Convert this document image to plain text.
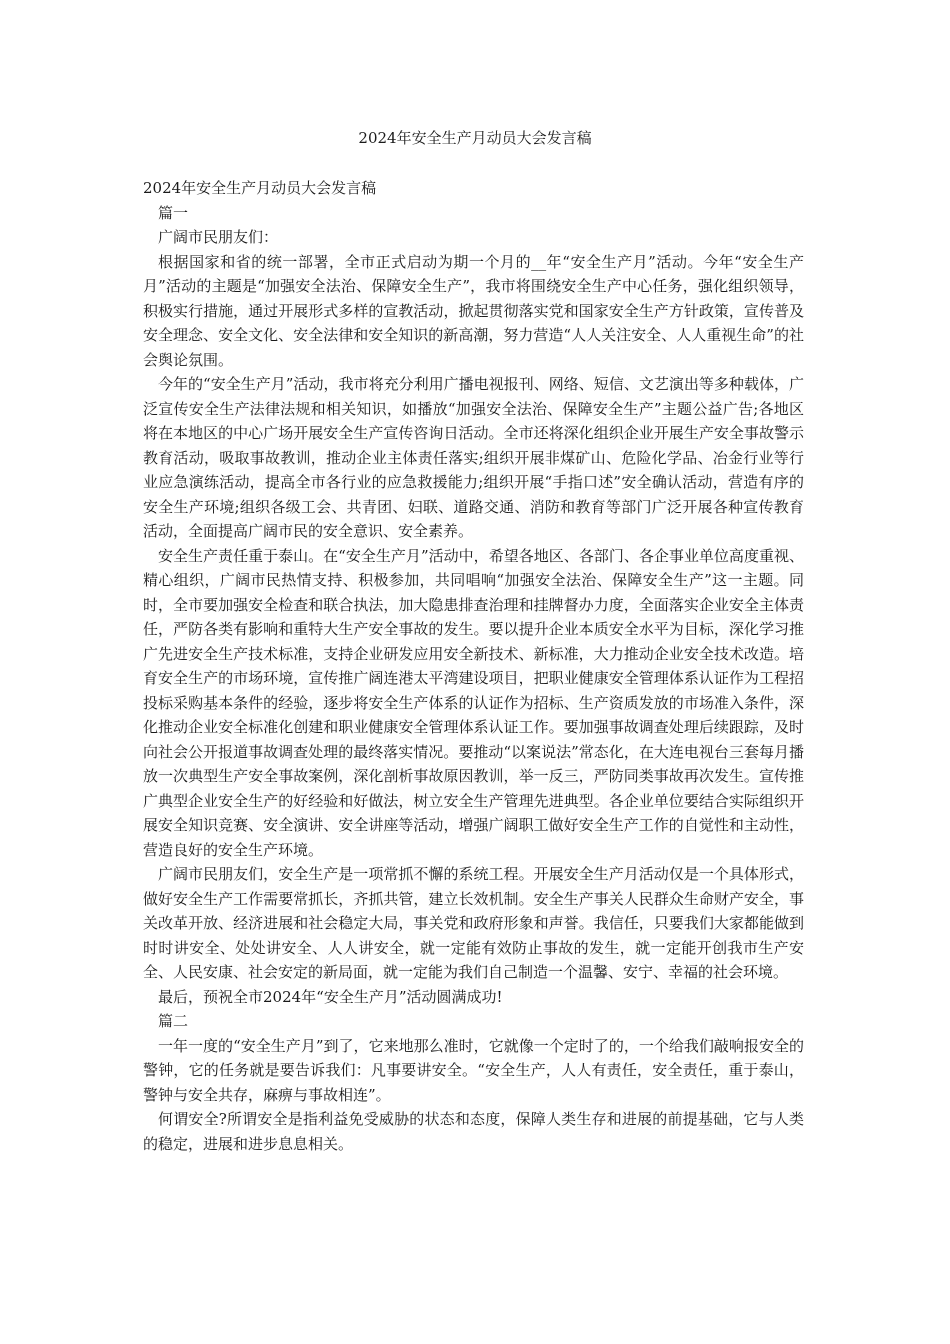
2024年安全生产月动员大会发言稿

2024年安全生产月动员大会发言稿

篇一

广阔市民朋友们：

根据国家和省的统一部署，全市正式启动为期一个月的__年“安全生产月”活动。今年“安全生产月”活动的主题是“加强安全法治、保障安全生产”，我市将围绕安全生产中心任务，强化组织领导，积极实行措施，通过开展形式多样的宣教活动，掀起贯彻落实党和国家安全生产方针政策，宣传普及安全理念、安全文化、安全法律和安全知识的新高潮，努力营造“人人关注安全、人人重视生命”的社会舆论氛围。

今年的“安全生产月”活动，我市将充分利用广播电视报刊、网络、短信、文艺演出等多种载体，广泛宣传安全生产法律法规和相关知识，如播放“加强安全法治、保障安全生产”主题公益广告;各地区将在本地区的中心广场开展安全生产宣传咨询日活动。全市还将深化组织企业开展生产安全事故警示教育活动，吸取事故教训，推动企业主体责任落实;组织开展非煤矿山、危险化学品、冶金行业等行业应急演练活动，提高全市各行业的应急救援能力;组织开展“手指口述”安全确认活动，营造有序的安全生产环境;组织各级工会、共青团、妇联、道路交通、消防和教育等部门广泛开展各种宣传教育活动，全面提高广阔市民的安全意识、安全素养。

安全生产责任重于泰山。在“安全生产月”活动中，希望各地区、各部门、各企事业单位高度重视、精心组织，广阔市民热情支持、积极参加，共同唱响“加强安全法治、保障安全生产”这一主题。同时，全市要加强安全检查和联合执法，加大隐患排查治理和挂牌督办力度，全面落实企业安全主体责任，严防各类有影响和重特大生产安全事故的发生。要以提升企业本质安全水平为目标，深化学习推广先进安全生产技术标准，支持企业研发应用安全新技术、新标准，大力推动企业安全技术改造。培育安全生产的市场环境，宣传推广阔连港太平湾建设项目，把职业健康安全管理体系认证作为工程招投标采购基本条件的经验，逐步将安全生产体系的认证作为招标、生产资质发放的市场准入条件，深化推动企业安全标准化创建和职业健康安全管理体系认证工作。要加强事故调查处理后续跟踪，及时向社会公开报道事故调查处理的最终落实情况。要推动“以案说法”常态化，在大连电视台三套每月播放一次典型生产安全事故案例，深化剖析事故原因教训，举一反三，严防同类事故再次发生。宣传推广典型企业安全生产的好经验和好做法，树立安全生产管理先进典型。各企业单位要结合实际组织开展安全知识竞赛、安全演讲、安全讲座等活动，增强广阔职工做好安全生产工作的自觉性和主动性，营造良好的安全生产环境。

广阔市民朋友们，安全生产是一项常抓不懈的系统工程。开展安全生产月活动仅是一个具体形式，做好安全生产工作需要常抓长，齐抓共管，建立长效机制。安全生产事关人民群众生命财产安全，事关改革开放、经济进展和社会稳定大局，事关党和政府形象和声誉。我信任，只要我们大家都能做到时时讲安全、处处讲安全、人人讲安全，就一定能有效防止事故的发生，就一定能开创我市生产安全、人民安康、社会安定的新局面，就一定能为我们自己制造一个温馨、安宁、幸福的社会环境。

最后，预祝全市2024年“安全生产月”活动圆满成功!

篇二

一年一度的“安全生产月”到了，它来地那么准时，它就像一个定时了的，一个给我们敲响报安全的警钟，它的任务就是要告诉我们：凡事要讲安全。“安全生产，人人有责任，安全责任，重于泰山，警钟与安全共存，麻痹与事故相连”。

何谓安全?所谓安全是指利益免受威胁的状态和态度，保障人类生存和进展的前提基础，它与人类的稳定，进展和进步息息相关。
